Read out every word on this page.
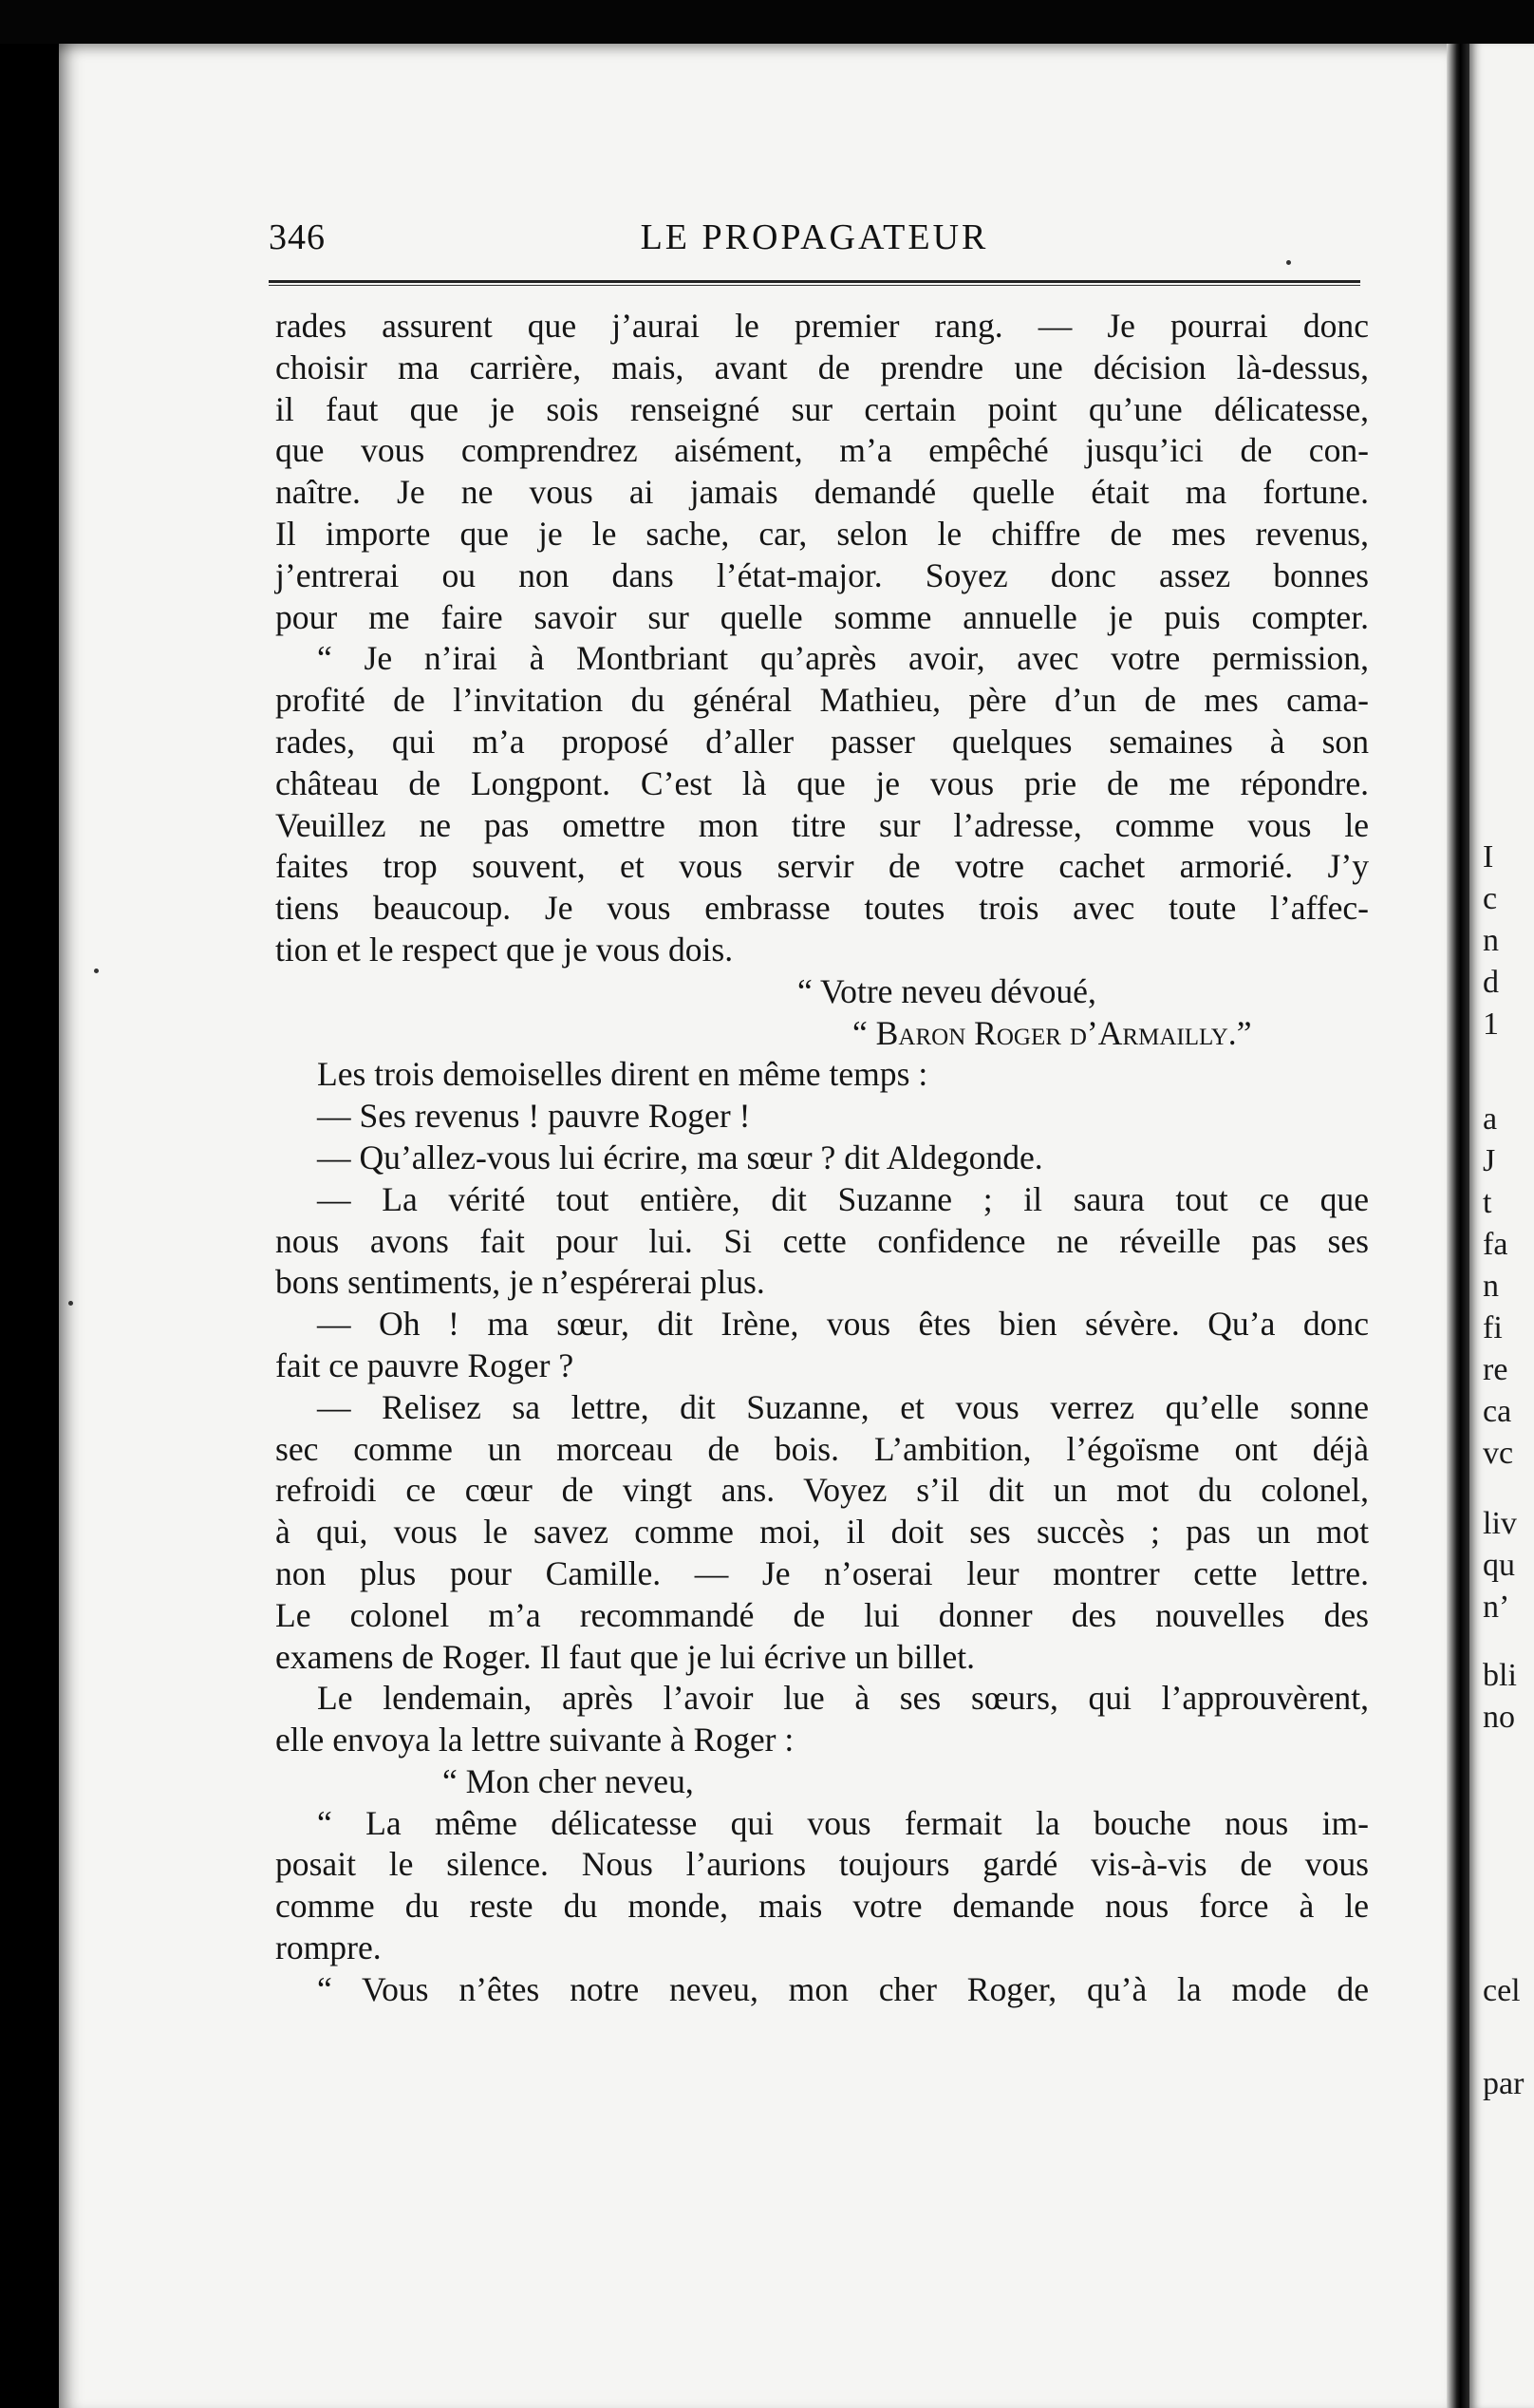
I
c
n
d
1
a
J
t
fa
n
fi
re
ca
vc
liv
qu
n’
bli
no
cel
par
346	LE PROPAGATEUR
rades assurent que j’aurai le premier rang. — Je pourrai donc
choisir ma carrière, mais, avant de prendre une décision là-dessus,
il faut que je sois renseigné sur certain point qu’une délicatesse,
que vous comprendrez aisément, m’a empêché jusqu’ici de con-
naître. Je ne vous ai jamais demandé quelle était ma fortune.
Il importe que je le sache, car, selon le chiffre de mes revenus,
j’entrerai ou non dans l’état-major. Soyez donc assez bonnes
pour me faire savoir sur quelle somme annuelle je puis compter.
“ Je n’irai à Montbriant qu’après avoir, avec votre permission,
profité de l’invitation du général Mathieu, père d’un de mes cama-
rades, qui m’a proposé d’aller passer quelques semaines à son
château de Longpont. C’est là que je vous prie de me répondre.
Veuillez ne pas omettre mon titre sur l’adresse, comme vous le
faites trop souvent, et vous servir de votre cachet armorié. J’y
tiens beaucoup. Je vous embrasse toutes trois avec toute l’affec-
tion et le respect que je vous dois.
“ Votre neveu dévoué,
“ Baron Roger d’Armailly.”
Les trois demoiselles dirent en même temps :
— Ses revenus ! pauvre Roger !
— Qu’allez-vous lui écrire, ma sœur ? dit Aldegonde.
— La vérité tout entière, dit Suzanne ; il saura tout ce que
nous avons fait pour lui. Si cette confidence ne réveille pas ses
bons sentiments, je n’espérerai plus.
— Oh ! ma sœur, dit Irène, vous êtes bien sévère. Qu’a donc
fait ce pauvre Roger ?
— Relisez sa lettre, dit Suzanne, et vous verrez qu’elle sonne
sec comme un morceau de bois. L’ambition, l’égoïsme ont déjà
refroidi ce cœur de vingt ans. Voyez s’il dit un mot du colonel,
à qui, vous le savez comme moi, il doit ses succès ; pas un mot
non plus pour Camille. — Je n’oserai leur montrer cette lettre.
Le colonel m’a recommandé de lui donner des nouvelles des
examens de Roger. Il faut que je lui écrive un billet.
Le lendemain, après l’avoir lue à ses sœurs, qui l’approuvèrent,
elle envoya la lettre suivante à Roger :
“ Mon cher neveu,
“ La même délicatesse qui vous fermait la bouche nous im-
posait le silence. Nous l’aurions toujours gardé vis-à-vis de vous
comme du reste du monde, mais votre demande nous force à le
rompre.
“ Vous n’êtes notre neveu, mon cher Roger, qu’à la mode de
